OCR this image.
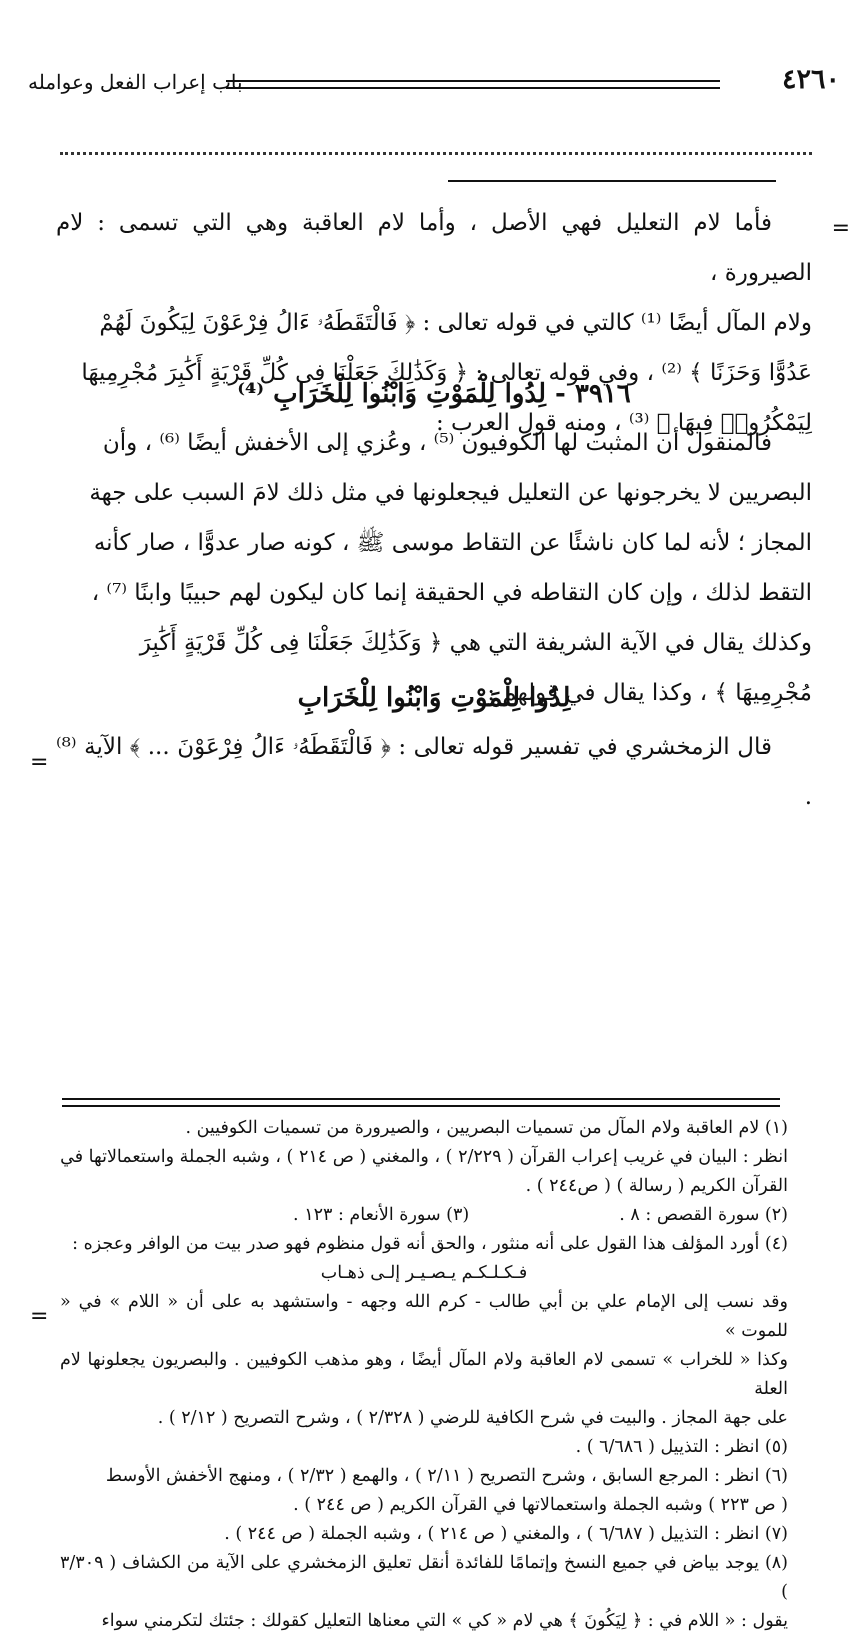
٤٢٦٠
باب إعراب الفعل وعوامله
=

فأما لام التعليل فهي الأصل ، وأما لام العاقبة وهي التي تسمى : لام الصيرورة ،

ولام المآل أيضًا ⁽¹⁾ كالتي في قوله تعالى : ﴿ فَالْتَقَطَهُۥ ءَالُ فِرْعَوْنَ لِيَكُونَ لَهُمْ

عَدُوًّا وَحَزَنًا ﴾ ⁽²⁾ ، وفي قوله تعالى : ﴿ وَكَذَٰلِكَ جَعَلْنَا فِى كُلِّ قَرْيَةٍ أَكَٰبِرَ مُجْرِمِيهَا

لِيَمْكُرُوا۟ فِيهَا ﴾ ⁽³⁾ ، ومنه قول العرب :

٣٩١٦ - لِدُوا لِلْمَوْتِ وَابْنُوا لِلْخَرَابِ ⁽⁴⁾

فالمنقول أن المثبت لها الكوفيون ⁽⁵⁾ ، وعُزي إلى الأخفش أيضًا ⁽⁶⁾ ، وأن

البصريين لا يخرجونها عن التعليل فيجعلونها في مثل ذلك لامَ السبب على جهة

المجاز ؛ لأنه لما كان ناشئًا عن التقاط موسى ﷺ ، كونه صار عدوًّا ، صار كأنه

التقط لذلك ، وإن كان التقاطه في الحقيقة إنما كان ليكون لهم حبيبًا وابنًا ⁽⁷⁾ ،

وكذلك يقال في الآية الشريفة التي هي ﴿ وَكَذَٰلِكَ جَعَلْنَا فِى كُلِّ قَرْيَةٍ أَكَٰبِرَ

مُجْرِمِيهَا ﴾ ، وكذا يقال في قولهم :

لِدُوا لِلْمَوْتِ وَابْنُوا لِلْخَرَابِ

قال الزمخشري في تفسير قوله تعالى : ﴿ فَالْتَقَطَهُۥ ءَالُ فِرْعَوْنَ ... ﴾ الآية ⁽⁸⁾ .

=

(١) لام العاقبة ولام المآل من تسميات البصريين ، والصيرورة من تسميات الكوفيين .

انظر : البيان في غريب إعراب القرآن ( ٢/٢٢٩ ) ، والمغني ( ص ٢١٤ ) ، وشبه الجملة واستعمالاتها في

القرآن الكريم ( رسالة ) ( ص٢٤٤ ) .

(٢) سورة القصص : ٨ .
(٣) سورة الأنعام : ١٢٣ .

(٤) أورد المؤلف هذا القول على أنه منثور ، والحق أنه قول منظوم فهو صدر بيت من الوافر وعجزه :

فـكـلـكـم يـصـيـر إلـى ذهـاب

وقد نسب إلى الإمام علي بن أبي طالب - كرم الله وجهه - واستشهد به على أن « اللام » في « للموت »

وكذا « للخراب » تسمى لام العاقبة ولام المآل أيضًا ، وهو مذهب الكوفيين . والبصريون يجعلونها لام العلة

على جهة المجاز . والبيت في شرح الكافية للرضي ( ٢/٣٢٨ ) ، وشرح التصريح ( ٢/١٢ ) .

(٥) انظر : التذييل ( ٦/٦٨٦ ) .

(٦) انظر : المرجع السابق ، وشرح التصريح ( ٢/١١ ) ، والهمع ( ٢/٣٢ ) ، ومنهج الأخفش الأوسط

( ص ٢٢٣ ) وشبه الجملة واستعمالاتها في القرآن الكريم ( ص ٢٤٤ ) .

(٧) انظر : التذييل ( ٦/٦٨٧ ) ، والمغني ( ص ٢١٤ ) ، وشبه الجملة ( ص ٢٤٤ ) .

(٨) يوجد بياض في جميع النسخ وإتمامًا للفائدة أنقل تعليق الزمخشري على الآية من الكشاف ( ٣/٣٠٩ )

يقول : « اللام في : ﴿ لِيَكُونَ ﴾ هي لام « كي » التي معناها التعليل كقولك : جئتك لتكرمني سواء

=
